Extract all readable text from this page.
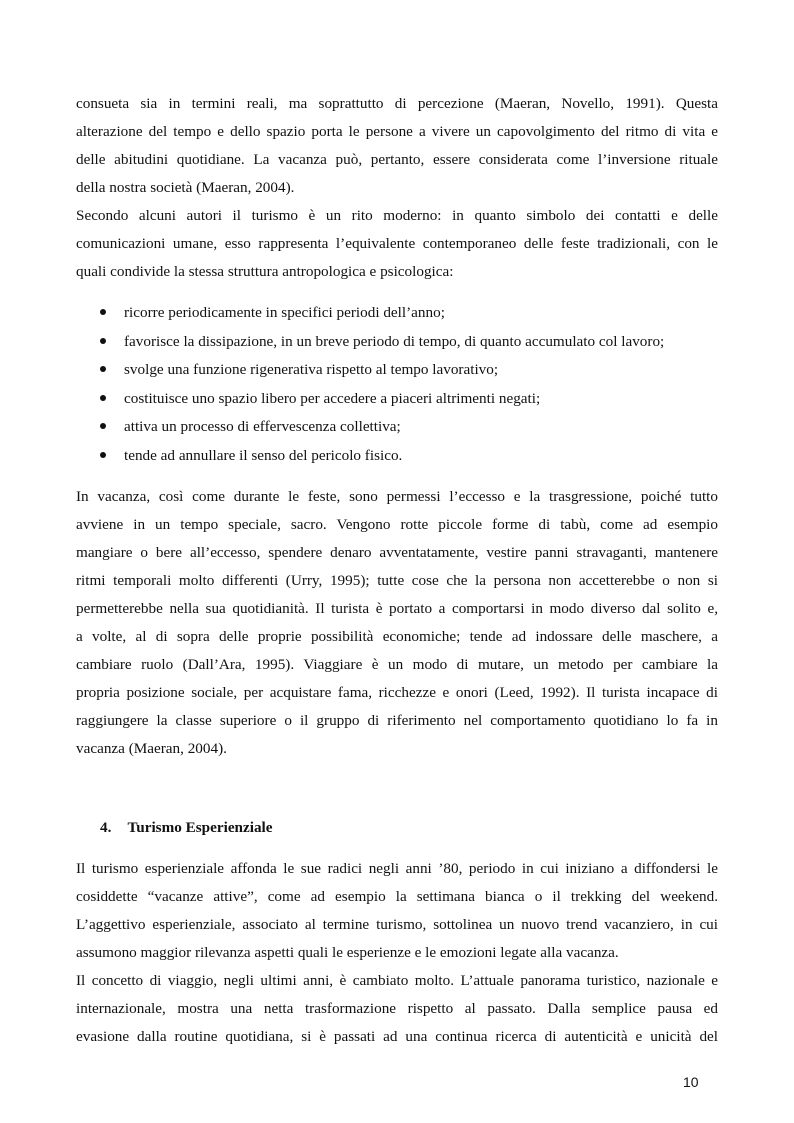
consueta sia in termini reali, ma soprattutto di percezione (Maeran, Novello, 1991). Questa
alterazione del tempo e dello spazio porta le persone a vivere un capovolgimento del ritmo di vita e
delle abitudini quotidiane. La vacanza può, pertanto, essere considerata come l’inversione rituale
della nostra società (Maeran, 2004).
Secondo alcuni autori il turismo è un rito moderno: in quanto simbolo dei contatti e delle
comunicazioni umane, esso rappresenta l’equivalente contemporaneo delle feste tradizionali, con le
quali condivide la stessa struttura antropologica e psicologica:
ricorre periodicamente in specifici periodi dell’anno;
favorisce la dissipazione, in un breve periodo di tempo, di quanto accumulato col lavoro;
svolge una funzione rigenerativa rispetto al tempo lavorativo;
costituisce uno spazio libero per accedere a piaceri altrimenti negati;
attiva un processo di effervescenza collettiva;
tende ad annullare il senso del pericolo fisico.
In vacanza, così come durante le feste, sono permessi l’eccesso e la trasgressione, poiché tutto
avviene in un tempo speciale, sacro. Vengono rotte piccole forme di tabù, come ad esempio
mangiare o bere all’eccesso, spendere denaro avventatamente, vestire panni stravaganti, mantenere
ritmi temporali molto differenti (Urry, 1995); tutte cose che la persona non accetterebbe o non si
permetterebbe nella sua quotidianità. Il turista è portato a comportarsi in modo diverso dal solito e,
a volte, al di sopra delle proprie possibilità economiche; tende ad indossare delle maschere, a
cambiare ruolo (Dall’Ara, 1995). Viaggiare è un modo di mutare, un metodo per cambiare la
propria posizione sociale, per acquistare fama, ricchezze e onori (Leed, 1992). Il turista incapace di
raggiungere la classe superiore o il gruppo di riferimento nel comportamento quotidiano lo fa in
vacanza (Maeran, 2004).
4. Turismo Esperienziale
Il turismo esperienziale affonda le sue radici negli anni ’80, periodo in cui iniziano a diffondersi le
cosiddette “vacanze attive”, come ad esempio la settimana bianca o il trekking del weekend.
L’aggettivo esperienziale, associato al termine turismo, sottolinea un nuovo trend vacanziero, in cui
assumono maggior rilevanza aspetti quali le esperienze e le emozioni legate alla vacanza.
Il concetto di viaggio, negli ultimi anni, è cambiato molto. L’attuale panorama turistico, nazionale e
internazionale, mostra una netta trasformazione rispetto al passato. Dalla semplice pausa ed
evasione dalla routine quotidiana, si è passati ad una continua ricerca di autenticità e unicità del
10
